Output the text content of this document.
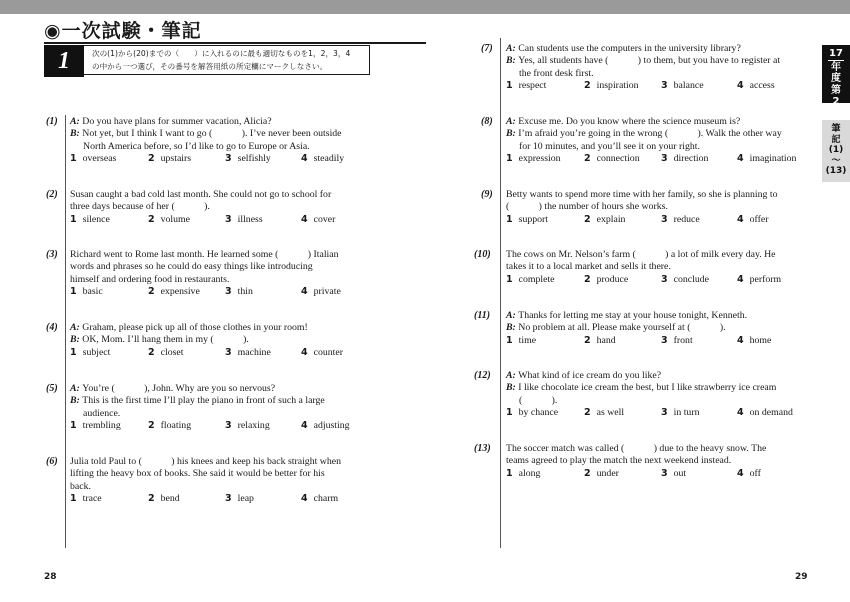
◉一次試験・筆記
1	次の(1)から(20)までの（　　）に入れるのに最も適切なものを1，2，3，4
の中から一つ選び，その番号を解答用紙の所定欄にマークしなさい。
(1) A: Do you have plans for summer vacation, Alicia?
B: Not yet, but I think I want to go (　　　). I’ve never been outside
North America before, so I’d like to go to Europe or Asia.
1 overseas	2 upstairs	3 selfishly	4 steadily
(2) Susan caught a bad cold last month. She could not go to school for
three days because of her (　　　).
1 silence	2 volume	3 illness	4 cover
(3) Richard went to Rome last month. He learned some (　　　) Italian
words and phrases so he could do easy things like introducing
himself and ordering food in restaurants.
1 basic	2 expensive	3 thin	4 private
(4) A: Graham, please pick up all of those clothes in your room!
B: OK, Mom. I’ll hang them in my (　　　).
1 subject	2 closet	3 machine	4 counter
(5) A: You’re (　　　), John. Why are you so nervous?
B: This is the first time I’ll play the piano in front of such a large
audience.
1 trembling	2 floating	3 relaxing	4 adjusting
(6) Julia told Paul to (　　　) his knees and keep his back straight when
lifting the heavy box of books. She said it would be better for his
back.
1 trace	2 bend	3 leap	4 charm
(7) A: Can students use the computers in the university library?
B: Yes, all students have (　　　) to them, but you have to register at
the front desk first.
1 respect	2 inspiration 3 balance	4 access
(8) A: Excuse me. Do you know where the science museum is?
B: I’m afraid you’re going in the wrong (　　　). Walk the other way
for 10 minutes, and you’ll see it on your right.
1 expression 2 connection 3 direction	4 imagination
(9) Betty wants to spend more time with her family, so she is planning to
(　　　) the number of hours she works.
1 support	2 explain	3 reduce	4 offer
(10) The cows on Mr. Nelson’s farm (　　　) a lot of milk every day. He
takes it to a local market and sells it there.
1 complete	2 produce	3 conclude	4 perform
(11) A: Thanks for letting me stay at your house tonight, Kenneth.
B: No problem at all. Please make yourself at (　　　).
1 time	2 hand	3 front	4 home
(12) A: What kind of ice cream do you like?
B: I like chocolate ice cream the best, but I like strawberry ice cream
(　　　).
1 by chance	2 as well	3 in turn	4 on demand
(13) The soccer match was called (　　　) due to the heavy snow. The
teams agreed to play the match the next weekend instead.
1 along	2 under	3 out	4 off
17
年
度
第
2
回
筆
記
(1)
〜
(13)
28	29
